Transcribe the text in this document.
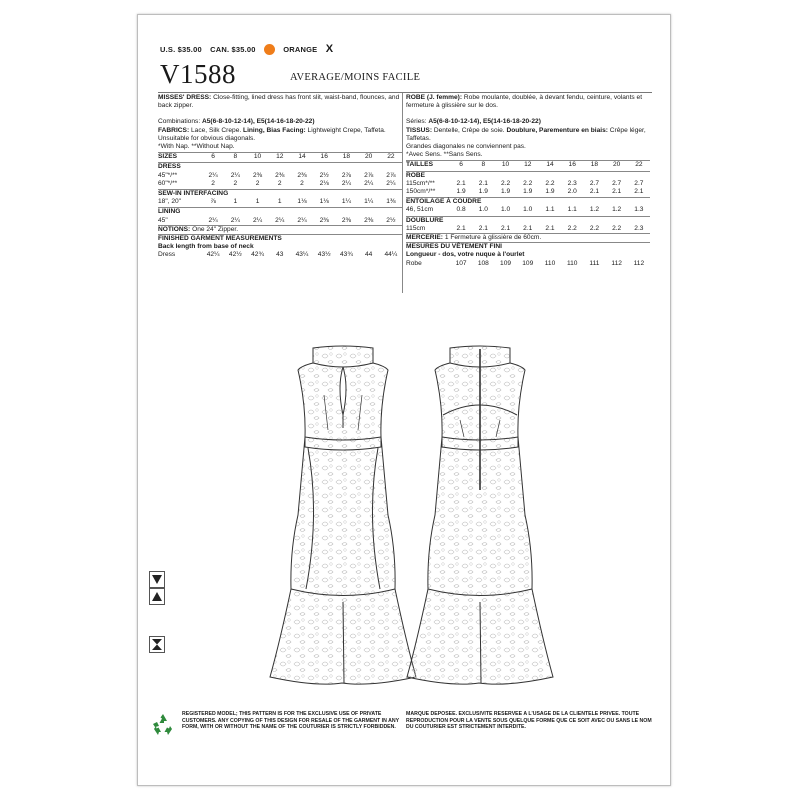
U.S. $35.00 CAN. $35.00	ORANGE X
V1588	AVERAGE/MOINS FACILE

MISSES' DRESS: Close-fitting, lined dress has front slit, waist-band, flounces, and back zipper.

Combinations: A5(6-8-10-12-14), E5(14-16-18-20-22)

FABRICS: Lace, Silk Crepe. Lining, Bias Facing: Lightweight Crepe, Taffeta.

Unsuitable for obvious diagonals.

*With Nap. **Without Nap.

SIZES	6	8	10	12	14	16	18	20	22
DRESS
45"*/**	2¼	2¼	2⅜	2⅜	2⅜	2½	2⅞	2⅞	2⅞
60"*/**	2	2	2	2	2	2⅛	2¼	2¼	2¼
SEW-IN INTERFACING
18", 20"	⅞	1	1	1	1⅛	1⅛	1¼	1¼	1⅜
LINING
45"	2¼	2¼	2¼	2¼	2¼	2⅜	2⅜	2⅜	2½

NOTIONS: One 24" Zipper.

FINISHED GARMENT MEASUREMENTS

Back length from base of neck

Dress	42¼	42½	42¾	43	43¼	43½	43¾	44	44¼

ROBE (J. femme): Robe moulante, doublée, à devant fendu, ceinture, volants et fermeture à glissière sur le dos.

Séries: A5(6-8-10-12-14), E5(14-16-18-20-22)

TISSUS: Dentelle, Crêpe de soie. Doublure, Parementure en biais: Crêpe léger, Taffetas.

Grandes diagonales ne conviennent pas.

*Avec Sens. **Sans Sens.

TAILLES	6	8	10	12	14	16	18	20	22
ROBE
115cm*/**	2.1	2.1	2.2	2.2	2.2	2.3	2.7	2.7	2.7
150cm*/**	1.9	1.9	1.9	1.9	1.9	2.0	2.1	2.1	2.1
ENTOILAGE À COUDRE
46, 51cm	0.8	1.0	1.0	1.0	1.1	1.1	1.2	1.2	1.3
DOUBLURE
115cm	2.1	2.1	2.1	2.1	2.1	2.2	2.2	2.2	2.3

MERCERIE: 1 Fermeture à glissière de 60cm.

MESURES DU VÊTEMENT FINI

Longueur - dos, votre nuque à l'ourlet

Robe	107	108	109	109	110	110	111	112	112
REGISTERED MODEL; THIS PATTERN IS FOR THE EXCLUSIVE USE OF PRIVATE CUSTOMERS. ANY COPYING OF THIS DESIGN FOR RESALE OF THE GARMENT IN ANY FORM, WITH OR WITHOUT THE NAME OF THE COUTURIER IS STRICTLY FORBIDDEN.
MARQUE DEPOSEE. EXCLUSIVITE RESERVEE A L'USAGE DE LA CLIENTELE PRIVEE. TOUTE REPRODUCTION POUR LA VENTE SOUS QUELQUE FORME QUE CE SOIT AVEC OU SANS LE NOM DU COUTURIER EST STRICTEMENT INTERDITE.
